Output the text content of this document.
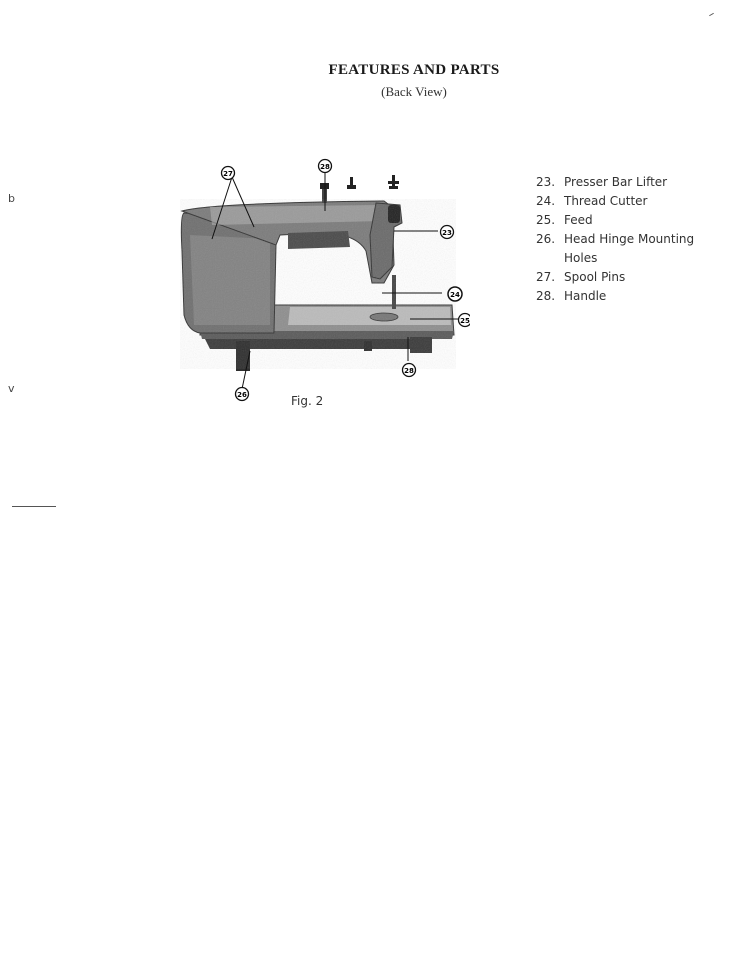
FEATURES AND PARTS
(Back View)
27
28
23
24
25
28
26	Fig. 2
23. Presser Bar Lifter
24. Thread Cutter
25. Feed
26. Head Hinge Mounting Holes
27. Spool Pins
28. Handle
b
v
